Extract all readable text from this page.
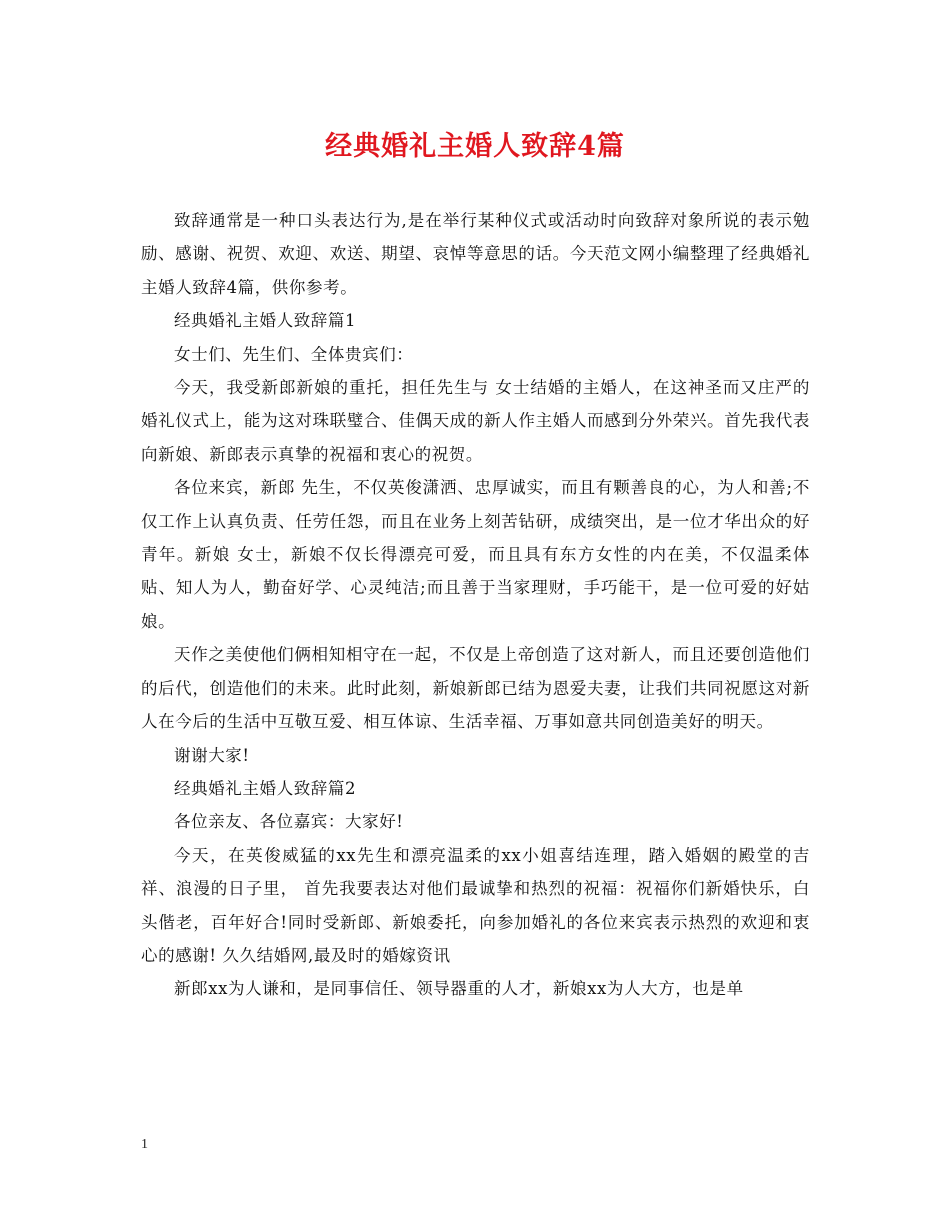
经典婚礼主婚人致辞4篇

致辞通常是一种口头表达行为,是在举行某种仪式或活动时向致辞对象所说的表示勉励、感谢、祝贺、欢迎、欢送、期望、哀悼等意思的话。今天范文网小编整理了经典婚礼主婚人致辞4篇，供你参考。

经典婚礼主婚人致辞篇1

女士们、先生们、全体贵宾们：

今天，我受新郎新娘的重托，担任先生与 女士结婚的主婚人，在这神圣而又庄严的婚礼仪式上，能为这对珠联璧合、佳偶天成的新人作主婚人而感到分外荣兴。首先我代表 向新娘、新郎表示真挚的祝福和衷心的祝贺。

各位来宾，新郎 先生，不仅英俊潇洒、忠厚诚实，而且有颗善良的心，为人和善;不仅工作上认真负责、任劳任怨，而且在业务上刻苦钻研，成绩突出，是一位才华出众的好青年。新娘 女士，新娘不仅长得漂亮可爱，而且具有东方女性的内在美，不仅温柔体贴、知人为人，勤奋好学、心灵纯洁;而且善于当家理财，手巧能干，是一位可爱的好姑娘。

天作之美使他们俩相知相守在一起，不仅是上帝创造了这对新人，而且还要创造他们的后代，创造他们的未来。此时此刻，新娘新郎已结为恩爱夫妻，让我们共同祝愿这对新人在今后的生活中互敬互爱、相互体谅、生活幸福、万事如意共同创造美好的明天。

谢谢大家!

经典婚礼主婚人致辞篇2

各位亲友、各位嘉宾：大家好!

今天，在英俊威猛的xx先生和漂亮温柔的xx小姐喜结连理，踏入婚姻的殿堂的吉祥、浪漫的日子里， 首先我要表达对他们最诚挚和热烈的祝福：祝福你们新婚快乐，白头偕老，百年好合!同时受新郎、新娘委托，向参加婚礼的各位来宾表示热烈的欢迎和衷心的感谢! 久久结婚网,最及时的婚嫁资讯

新郎xx为人谦和，是同事信任、领导器重的人才，新娘xx为人大方，也是单

1
